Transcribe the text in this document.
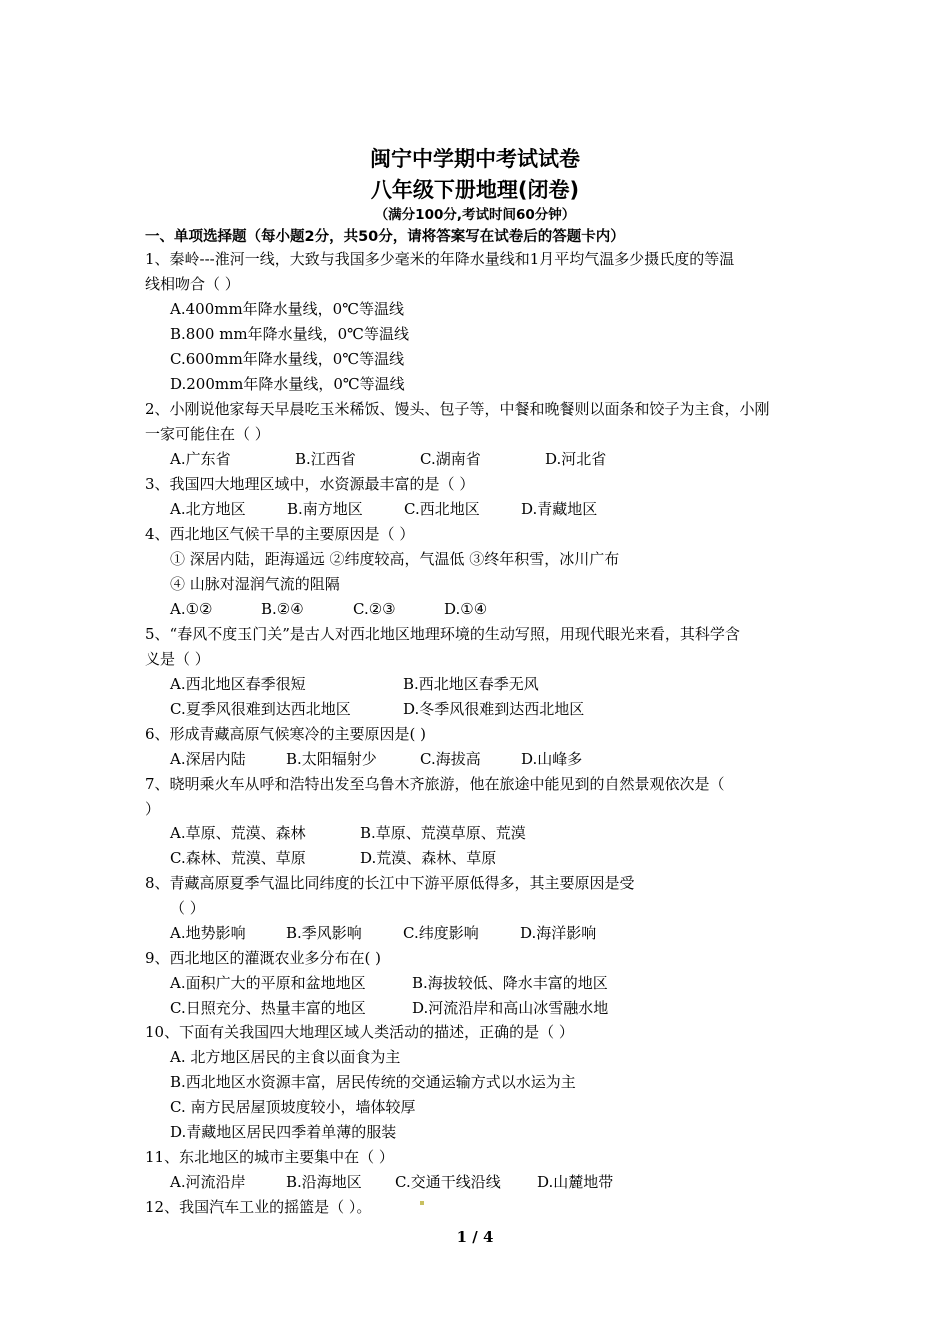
闽宁中学期中考试试卷
八年级下册地理(闭卷)
（满分100分,考试时间60分钟）
一、单项选择题（每小题2分，共50分，请将答案写在试卷后的答题卡内）
1、秦岭---淮河一线，大致与我国多少毫米的年降水量线和1月平均气温多少摄氏度的等温
线相吻合（ ）
A.400mm年降水量线，0℃等温线
B.800 mm年降水量线，0℃等温线
C.600mm年降水量线，0℃等温线
D.200mm年降水量线，0℃等温线
2、小刚说他家每天早晨吃玉米稀饭、馒头、包子等，中餐和晚餐则以面条和饺子为主食，小刚
一家可能住在（ ）
A.广东省	B.江西省	C.湖南省	D.河北省
3、我国四大地理区域中，水资源最丰富的是（ ）
A.北方地区	B.南方地区	C.西北地区	D.青藏地区
4、西北地区气候干旱的主要原因是（ ）
① 深居内陆，距海遥远 ②纬度较高，气温低 ③终年积雪，冰川广布
④ 山脉对湿润气流的阻隔
A.①②	B.②④	C.②③	D.①④
5、“春风不度玉门关”是古人对西北地区地理环境的生动写照，用现代眼光来看，其科学含
义是（ ）
A.西北地区春季很短	B.西北地区春季无风
C.夏季风很难到达西北地区	D.冬季风很难到达西北地区
6、形成青藏高原气候寒冷的主要原因是( )
A.深居内陆	B.太阳辐射少	C.海拔高	D.山峰多
7、晓明乘火车从呼和浩特出发至乌鲁木齐旅游，他在旅途中能见到的自然景观依次是（
）
A.草原、荒漠、森林	B.草原、荒漠草原、荒漠
C.森林、荒漠、草原	D.荒漠、森林、草原
8、青藏高原夏季气温比同纬度的长江中下游平原低得多，其主要原因是受
（ ）
A.地势影响	B.季风影响	C.纬度影响	D.海洋影响
9、西北地区的灌溉农业多分布在( )
A.面积广大的平原和盆地地区	B.海拔较低、降水丰富的地区
C.日照充分、热量丰富的地区	D.河流沿岸和高山冰雪融水地
10、下面有关我国四大地理区域人类活动的描述，正确的是（ ）
A. 北方地区居民的主食以面食为主
B.西北地区水资源丰富，居民传统的交通运输方式以水运为主
C. 南方民居屋顶坡度较小，墙体较厚
D.青藏地区居民四季着单薄的服装
11、东北地区的城市主要集中在（ ）
A.河流沿岸	B.沿海地区 C.交通干线沿线 D.山麓地带
12、我国汽车工业的摇篮是（ ）。
1 / 4
